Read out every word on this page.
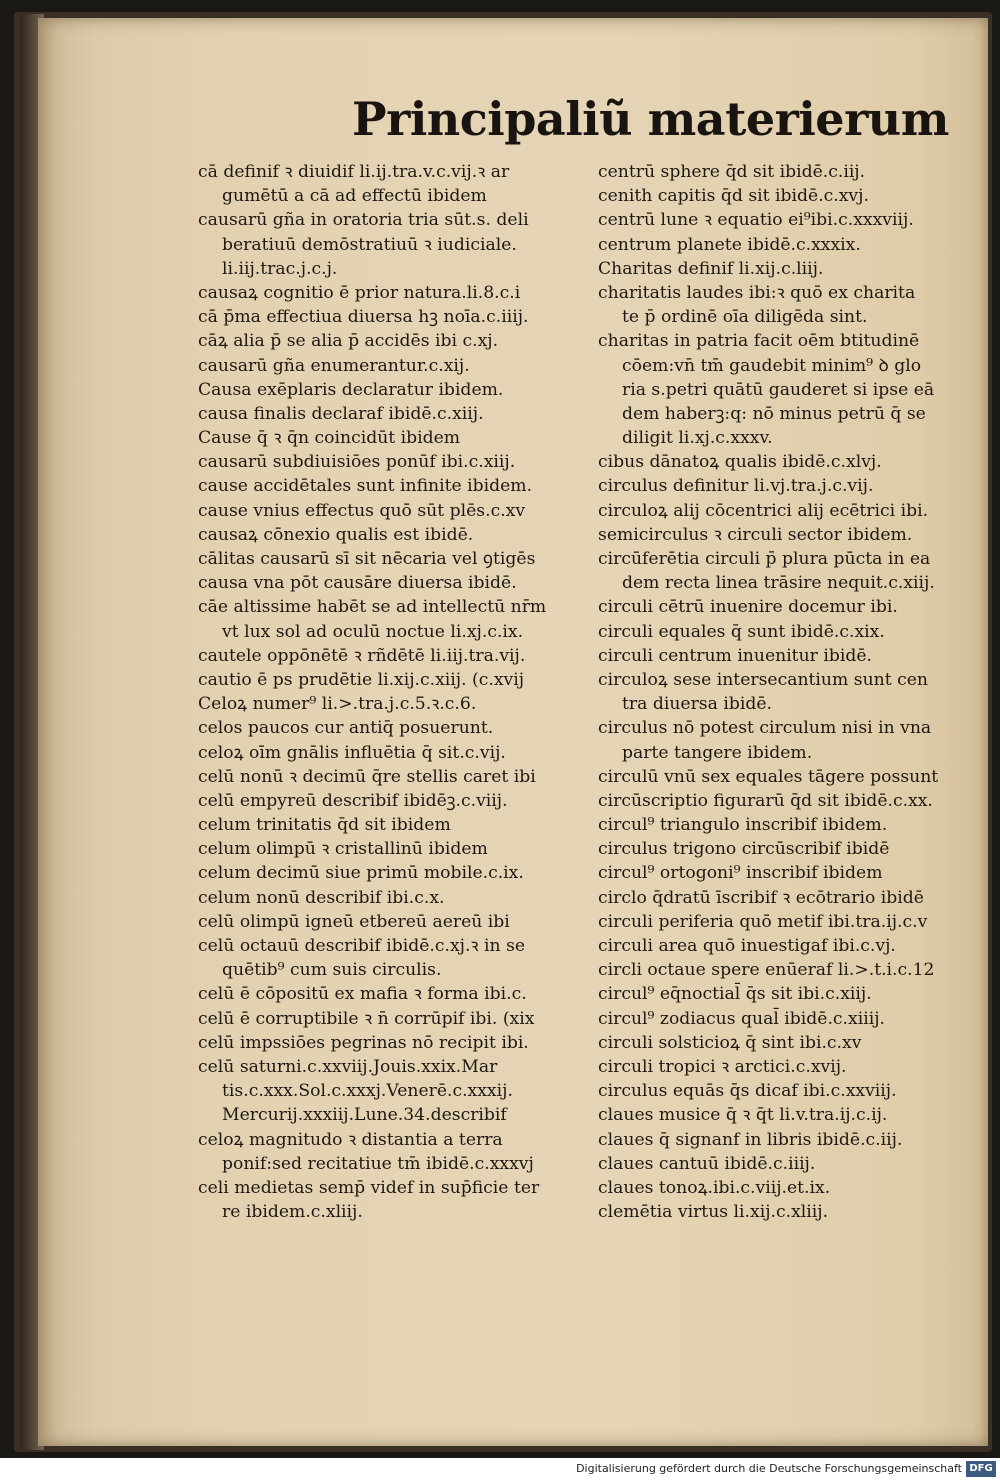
Principaliũ materierum
cā definif ꝛ diuidif li.ij.tra.v.c.vij.ꝛ ar
gumētū a cā ad effectū ibidem
causarū gña in oratoria tria sūt.s. deli
beratiuū demōstratiuū ꝛ iudiciale.
li.iij.trac.j.c.j.
causaꝝ cognitio ē prior natura.li.8.c.i
cā p̄ma effectiua diuersa hꝫ noīa.c.iiij.
cāꝝ alia p̄ se alia p̄ accidēs ibi c.xj.
causarū gña enumerantur.c.xij.
Causa exēplaris declaratur ibidem.
causa finalis declaraf ibidē.c.xiij.
Cause q̄ ꝛ q̄n coincidūt ibidem
causarū subdiuisiōes ponūf ibi.c.xiij.
cause accidētales sunt infinite ibidem.
cause vnius effectus quō sūt plēs.c.xv
causaꝝ cōnexio qualis est ibidē.
cālitas causarū sī sit nēcaria vel ꝯtigēs
causa vna pōt causāre diuersa ibidē.
cāe altissime habēt se ad intellectū nr̄m
vt lux sol ad oculū noctue li.xj.c.ix.
cautele oppōnētē ꝛ rñdētē li.iij.tra.vij.
cautio ē ps prudētie li.xij.c.xiij. (c.xvij
Celoꝝ numer⁹ li.>.tra.j.c.5.ꝛ.c.6.
celos paucos cur antiq̄ posuerunt.
celoꝝ oīm gnālis influētia q̄ sit.c.vij.
celū nonū ꝛ decimū q̄re stellis caret ibi
celū empyreū describif ibidēꝫ.c.viij.
celum trinitatis q̄d sit ibidem
celum olimpū ꝛ cristallinū ibidem
celum decimū siue primū mobile.c.ix.
celum nonū describif ibi.c.x.
celū olimpū igneū etbereū aereū ibi
celū octauū describif ibidē.c.xj.ꝛ in se
quētib⁹ cum suis circulis.
celū ē cōpositū ex mafia ꝛ forma ibi.c.
celū ē corruptibile ꝛ n̄ corrūpif ibi. (xix
celū impssiōes pegrinas nō recipit ibi.
celū saturni.c.xxviij.Jouis.xxix.Mar
tis.c.xxx.Sol.c.xxxj.Venerē.c.xxxij.
Mercurij.xxxiij.Lune.34.describif
celoꝝ magnitudo ꝛ distantia a terra
ponif:sed recitatiue tm̄ ibidē.c.xxxvj
celi medietas semp̄ videf in sup̄ficie ter
re ibidem.c.xliij.
centrū sphere q̄d sit ibidē.c.iij.
cenith capitis q̄d sit ibidē.c.xvj.
centrū lune ꝛ equatio ei⁹ibi.c.xxxviij.
centrum planete ibidē.c.xxxix.
Charitas definif li.xij.c.liij.
charitatis laudes ibi:ꝛ quō ex charita
te p̄ ordinē oīa diligēda sint.
charitas in patria facit oēm btitudinē
cōem:vn̄ tm̄ gaudebit minim⁹ ꝺ glo
ria s.petri quātū gauderet si ipse eā
dem haberꝫ:q: nō minus petrū q̄ se
diligit li.xj.c.xxxv.
cibus dānatoꝝ qualis ibidē.c.xlvj.
circulus definitur li.vj.tra.j.c.vij.
circuloꝝ alij cōcentrici alij ecētrici ibi.
semicirculus ꝛ circuli sector ibidem.
circūferētia circuli p̄ plura pūcta in ea
dem recta linea trāsire nequit.c.xiij.
circuli cētrū inuenire docemur ibi.
circuli equales q̄ sunt ibidē.c.xix.
circuli centrum inuenitur ibidē.
circuloꝝ sese intersecantium sunt cen
tra diuersa ibidē.
circulus nō potest circulum nisi in vna
parte tangere ibidem.
circulū vnū sex equales tāgere possunt
circūscriptio figurarū q̄d sit ibidē.c.xx.
circul⁹ triangulo inscribif ibidem.
circulus trigono circūscribif ibidē
circul⁹ ortogoni⁹ inscribif ibidem
circlo q̄dratū īscribif ꝛ ecōtrario ibidē
circuli periferia quō metif ibi.tra.ij.c.v
circuli area quō inuestigaf ibi.c.vj.
circli octaue spere enūeraf li.>.t.i.c.12
circul⁹ eq̄noctial̄ q̄s sit ibi.c.xiij.
circul⁹ zodiacus qual̄ ibidē.c.xiiij.
circuli solsticioꝝ q̄ sint ibi.c.xv
circuli tropici ꝛ arctici.c.xvij.
circulus equās q̄s dicaf ibi.c.xxviij.
claues musice q̄ ꝛ q̄t li.v.tra.ij.c.ij.
claues q̄ signanf in libris ibidē.c.iij.
claues cantuū ibidē.c.iiij.
claues tonoꝝ.ibi.c.viij.et.ix.
clemētia virtus li.xij.c.xliij.
Digitalisierung gefördert durch die Deutsche Forschungsgemeinschaft DFG
